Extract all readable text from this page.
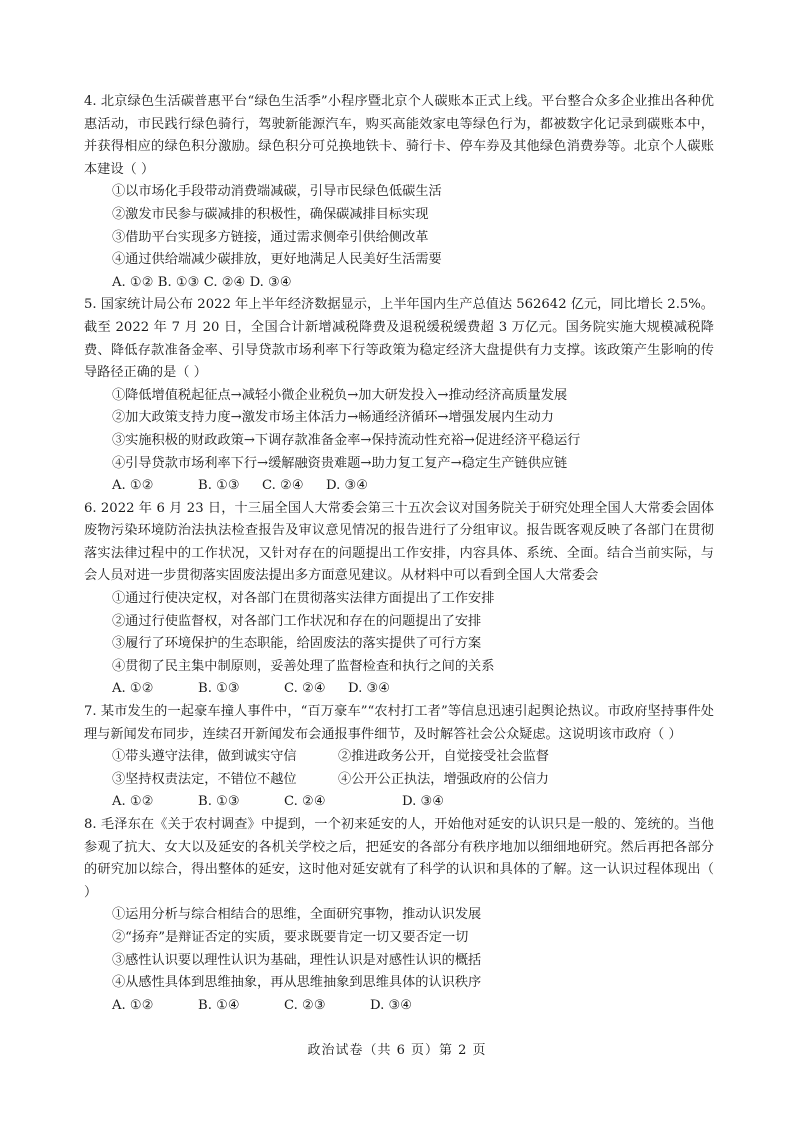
4. 北京绿色生活碳普惠平台“绿色生活季”小程序暨北京个人碳账本正式上线。平台整合众多企业推出各种优惠活动，市民践行绿色骑行，驾驶新能源汽车，购买高能效家电等绿色行为，都被数字化记录到碳账本中，并获得相应的绿色积分激励。绿色积分可兑换地铁卡、骑行卡、停车券及其他绿色消费券等。北京个人碳账本建设（ ）

①以市场化手段带动消费端减碳，引导市民绿色低碳生活

②激发市民参与碳减排的积极性，确保碳减排目标实现

③借助平台实现多方链接，通过需求侧牵引供给侧改革

④通过供给端减少碳排放，更好地满足人民美好生活需要

A. ①② B. ①③ C. ②④ D. ③④

5. 国家统计局公布 2022 年上半年经济数据显示，上半年国内生产总值达 562642 亿元，同比增长 2.5%。截至 2022 年 7 月 20 日，全国合计新增减税降费及退税缓税缓费超 3 万亿元。国务院实施大规模减税降费、降低存款准备金率、引导贷款市场利率下行等政策为稳定经济大盘提供有力支撑。该政策产生影响的传导路径正确的是（ ）

①降低增值税起征点→减轻小微企业税负→加大研发投入→推动经济高质量发展

②加大政策支持力度→激发市场主体活力→畅通经济循环→增强发展内生动力

③实施积极的财政政策→下调存款准备金率→保持流动性充裕→促进经济平稳运行

④引导贷款市场利率下行→缓解融资贵难题→助力复工复产→稳定生产链供应链

A. ①②	B. ①③ C. ②④ D. ③④

6. 2022 年 6 月 23 日，十三届全国人大常委会第三十五次会议对国务院关于研究处理全国人大常委会固体废物污染环境防治法执法检查报告及审议意见情况的报告进行了分组审议。报告既客观反映了各部门在贯彻落实法律过程中的工作状况，又针对存在的问题提出工作安排，内容具体、系统、全面。结合当前实际，与会人员对进一步贯彻落实固废法提出多方面意见建议。从材料中可以看到全国人大常委会

①通过行使决定权，对各部门在贯彻落实法律方面提出了工作安排

②通过行使监督权，对各部门工作状况和存在的问题提出了安排

③履行了环境保护的生态职能，给固废法的落实提供了可行方案

④贯彻了民主集中制原则，妥善处理了监督检查和执行之间的关系

A. ①②	B. ①③	C. ②④ D. ③④

7. 某市发生的一起豪车撞人事件中，“百万豪车”“农村打工者”等信息迅速引起舆论热议。市政府坚持事件处理与新闻发布同步，连续召开新闻发布会通报事件细节，及时解答社会公众疑虑。这说明该市政府（ ）

①带头遵守法律，做到诚实守信	②推进政务公开，自觉接受社会监督

③坚持权责法定，不错位不越位	④公开公正执法，增强政府的公信力

A. ①②	B. ①③	C. ②④	D. ③④

8. 毛泽东在《关于农村调查》中提到，一个初来延安的人，开始他对延安的认识只是一般的、笼统的。当他参观了抗大、女大以及延安的各机关学校之后，把延安的各部分有秩序地加以细细地研究。然后再把各部分的研究加以综合，得出整体的延安，这时他对延安就有了科学的认识和具体的了解。这一认识过程体现出（ ）

①运用分析与综合相结合的思维，全面研究事物，推动认识发展

②“扬弃”是辩证否定的实质，要求既要肯定一切又要否定一切

③感性认识要以理性认识为基础，理性认识是对感性认识的概括

④从感性具体到思维抽象，再从思维抽象到思维具体的认识秩序

A. ①②	B. ①④	C. ②③	D. ③④

政治试卷（共 6 页）第 2 页
